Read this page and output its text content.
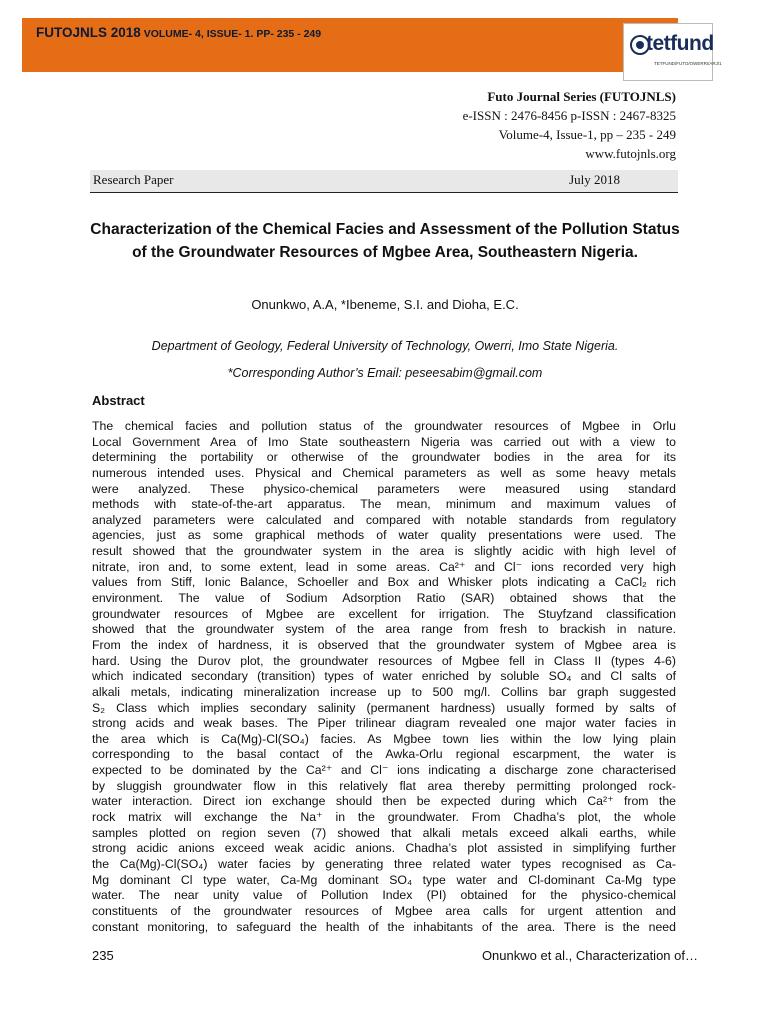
FUTOJNLS 2018 VOLUME- 4, ISSUE- 1. PP- 235 - 249	tetfund
TETFUND/FUTO/OWERRI/ARJ/1
Futo Journal Series (FUTOJNLS)
e-ISSN : 2476-8456 p-ISSN : 2467-8325
Volume-4, Issue-1, pp – 235 - 249
www.futojnls.org
Research Paper	July 2018
Characterization of the Chemical Facies and Assessment of the Pollution Status of the Groundwater Resources of Mgbee Area, Southeastern Nigeria.
Onunkwo, A.A, *Ibeneme, S.I. and Dioha, E.C.
Department of Geology, Federal University of Technology, Owerri, Imo State Nigeria.
*Corresponding Author’s Email: peseesabim@gmail.com
Abstract
The chemical facies and pollution status of the groundwater resources of Mgbee in Orlu
Local Government Area of Imo State southeastern Nigeria was carried out with a view to
determining the portability or otherwise of the groundwater bodies in the area for its
numerous intended uses. Physical and Chemical parameters as well as some heavy metals
were analyzed. These physico-chemical parameters were measured using standard
methods with state-of-the-art apparatus. The mean, minimum and maximum values of
analyzed parameters were calculated and compared with notable standards from regulatory
agencies, just as some graphical methods of water quality presentations were used. The
result showed that the groundwater system in the area is slightly acidic with high level of
nitrate, iron and, to some extent, lead in some areas. Ca²⁺ and Cl⁻ ions recorded very high
values from Stiff, Ionic Balance, Schoeller and Box and Whisker plots indicating a CaCl₂ rich
environment. The value of Sodium Adsorption Ratio (SAR) obtained shows that the
groundwater resources of Mgbee are excellent for irrigation. The Stuyfzand classification
showed that the groundwater system of the area range from fresh to brackish in nature.
From the index of hardness, it is observed that the groundwater system of Mgbee area is
hard. Using the Durov plot, the groundwater resources of Mgbee fell in Class II (types 4-6)
which indicated secondary (transition) types of water enriched by soluble SO₄ and Cl salts of
alkali metals, indicating mineralization increase up to 500 mg/l. Collins bar graph suggested
S₂ Class which implies secondary salinity (permanent hardness) usually formed by salts of
strong acids and weak bases. The Piper trilinear diagram revealed one major water facies in
the area which is Ca(Mg)-Cl(SO₄) facies. As Mgbee town lies within the low lying plain
corresponding to the basal contact of the Awka-Orlu regional escarpment, the water is
expected to be dominated by the Ca²⁺ and Cl⁻ ions indicating a discharge zone characterised
by sluggish groundwater flow in this relatively flat area thereby permitting prolonged rock-
water interaction. Direct ion exchange should then be expected during which Ca²⁺ from the
rock matrix will exchange the Na⁺ in the groundwater. From Chadha’s plot, the whole
samples plotted on region seven (7) showed that alkali metals exceed alkali earths, while
strong acidic anions exceed weak acidic anions. Chadha’s plot assisted in simplifying further
the Ca(Mg)-Cl(SO₄) water facies by generating three related water types recognised as Ca-
Mg dominant Cl type water, Ca-Mg dominant SO₄ type water and Cl-dominant Ca-Mg type
water. The near unity value of Pollution Index (PI) obtained for the physico-chemical
constituents of the groundwater resources of Mgbee area calls for urgent attention and
constant monitoring, to safeguard the health of the inhabitants of the area. There is the need
235	Onunkwo et al., Characterization of…
